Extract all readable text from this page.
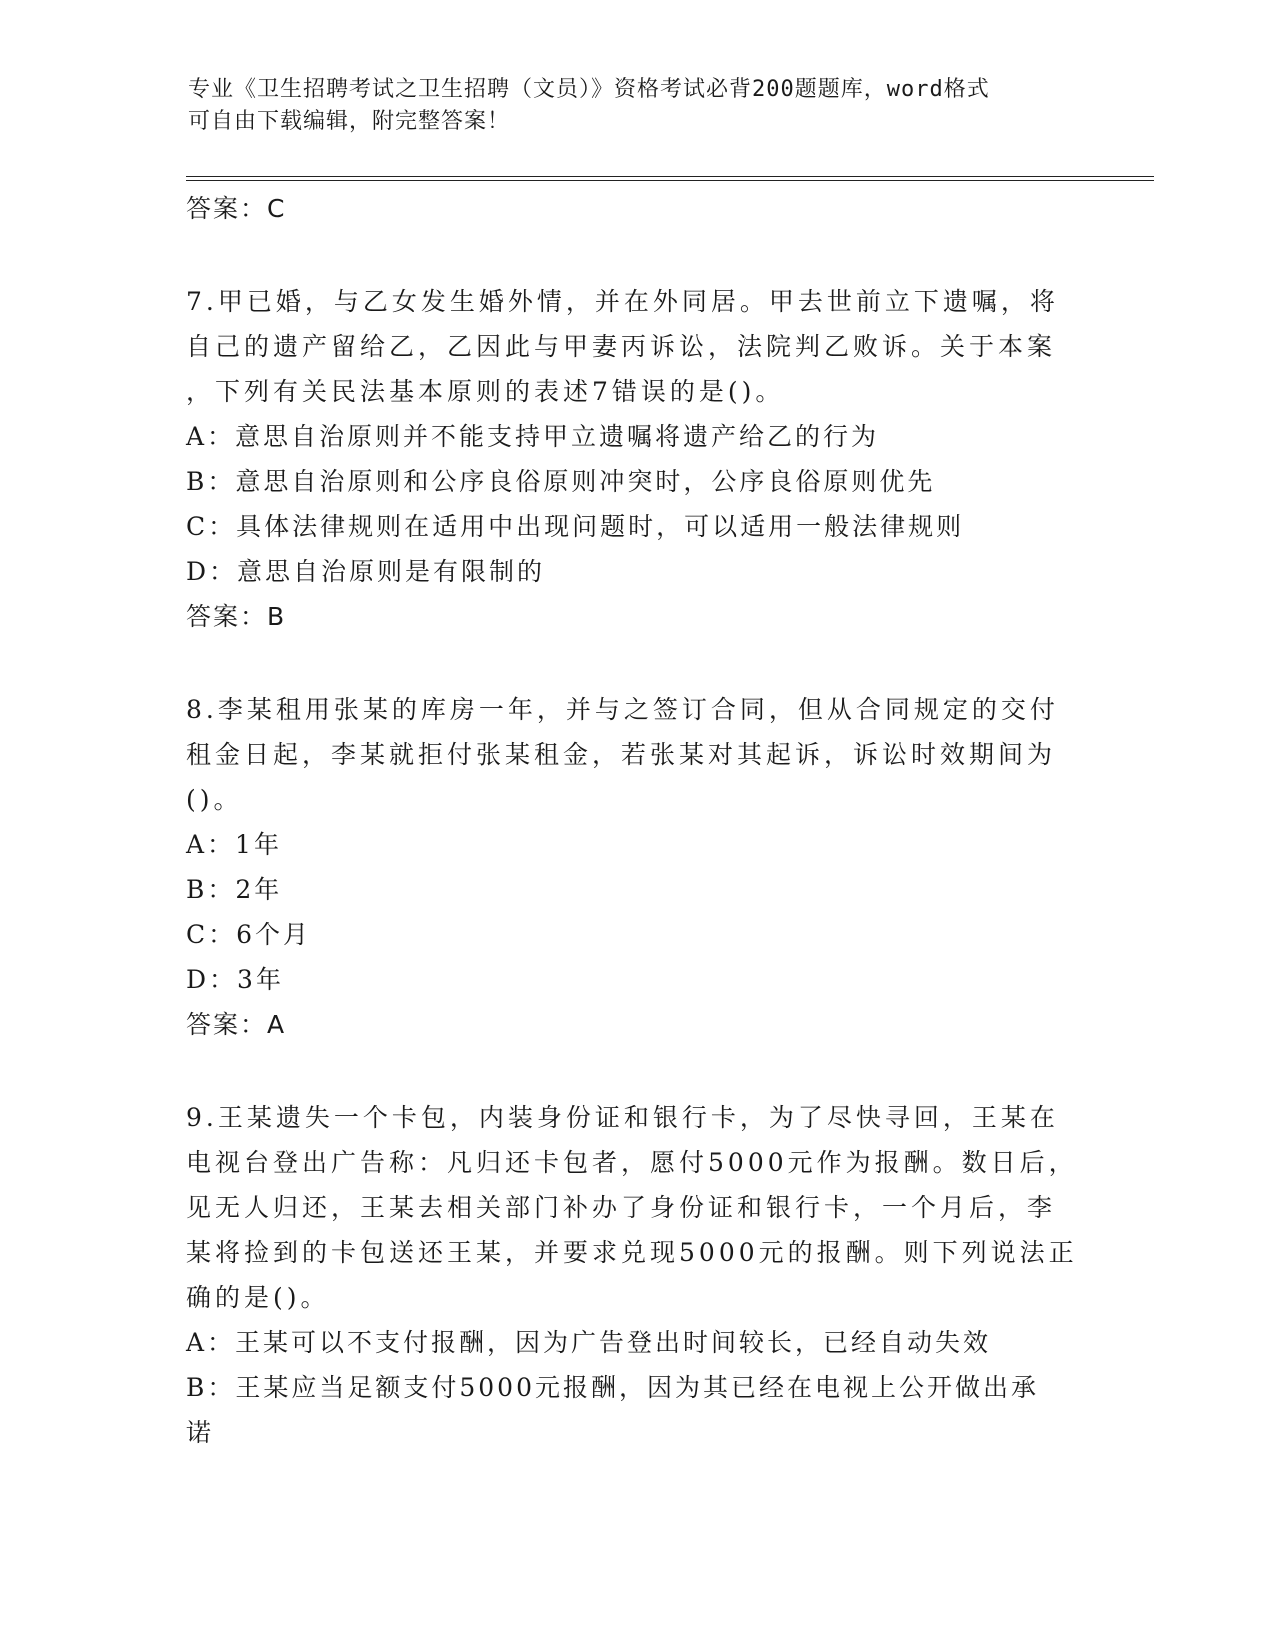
专业《卫生招聘考试之卫生招聘（文员）》资格考试必背200题题库，word格式
可自由下载编辑，附完整答案！
答案：C
7.甲已婚，与乙女发生婚外情，并在外同居。甲去世前立下遗嘱，将
自己的遗产留给乙，乙因此与甲妻丙诉讼，法院判乙败诉。关于本案
，下列有关民法基本原则的表述7错误的是()。
A：意思自治原则并不能支持甲立遗嘱将遗产给乙的行为
B：意思自治原则和公序良俗原则冲突时，公序良俗原则优先
C：具体法律规则在适用中出现问题时，可以适用一般法律规则
D：意思自治原则是有限制的
答案：B
8.李某租用张某的库房一年，并与之签订合同，但从合同规定的交付
租金日起，李某就拒付张某租金，若张某对其起诉，诉讼时效期间为
()。
A：1年
B：2年
C：6个月
D：3年
答案：A
9.王某遗失一个卡包，内装身份证和银行卡，为了尽快寻回，王某在
电视台登出广告称：凡归还卡包者，愿付5000元作为报酬。数日后，
见无人归还，王某去相关部门补办了身份证和银行卡，一个月后，李
某将捡到的卡包送还王某，并要求兑现5000元的报酬。则下列说法正
确的是()。
A：王某可以不支付报酬，因为广告登出时间较长，已经自动失效
B：王某应当足额支付5000元报酬，因为其已经在电视上公开做出承
诺
